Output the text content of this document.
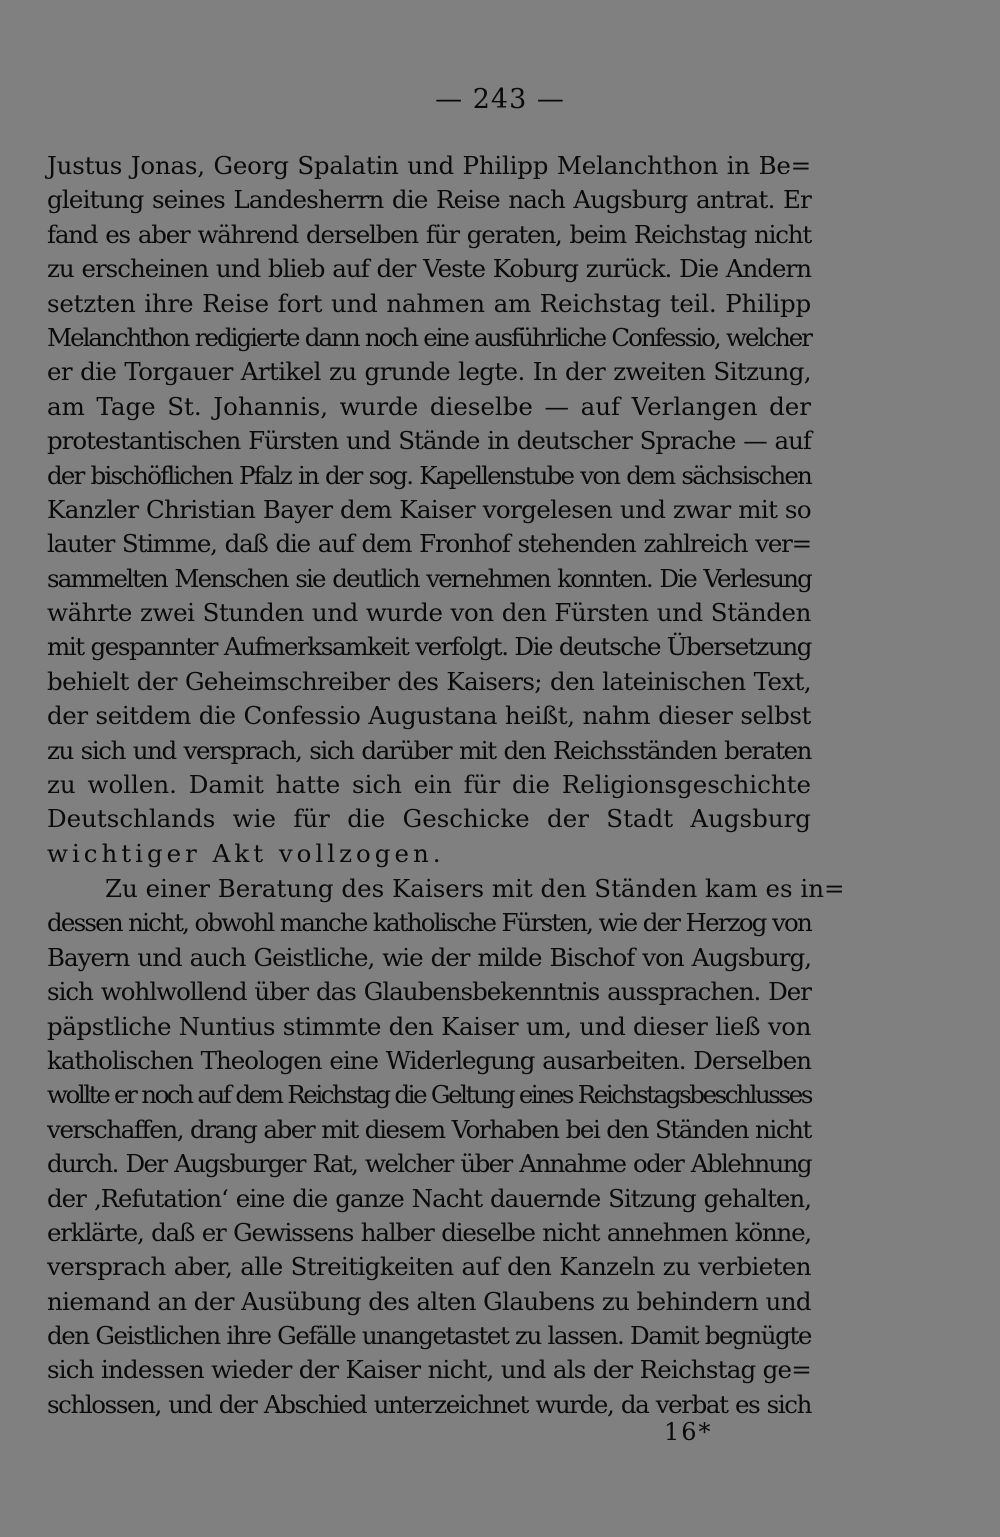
— 243 —
Justus Jonas, Georg Spalatin und Philipp Melanchthon in Be=
gleitung seines Landesherrn die Reise nach Augsburg antrat. Er
fand es aber während derselben für geraten, beim Reichstag nicht
zu erscheinen und blieb auf der Veste Koburg zurück. Die Andern
setzten ihre Reise fort und nahmen am Reichstag teil. Philipp
Melanchthon redigierte dann noch eine ausführliche Confessio, welcher
er die Torgauer Artikel zu grunde legte. In der zweiten Sitzung,
am Tage St. Johannis, wurde dieselbe — auf Verlangen der
protestantischen Fürsten und Stände in deutscher Sprache — auf
der bischöflichen Pfalz in der sog. Kapellenstube von dem sächsischen
Kanzler Christian Bayer dem Kaiser vorgelesen und zwar mit so
lauter Stimme, daß die auf dem Fronhof stehenden zahlreich ver=
sammelten Menschen sie deutlich vernehmen konnten. Die Verlesung
währte zwei Stunden und wurde von den Fürsten und Ständen
mit gespannter Aufmerksamkeit verfolgt. Die deutsche Übersetzung
behielt der Geheimschreiber des Kaisers; den lateinischen Text,
der seitdem die Confessio Augustana heißt, nahm dieser selbst
zu sich und versprach, sich darüber mit den Reichsständen beraten
zu wollen. Damit hatte sich ein für die Religionsgeschichte
Deutschlands wie für die Geschicke der Stadt Augsburg
wichtiger Akt vollzogen.
Zu einer Beratung des Kaisers mit den Ständen kam es in=
dessen nicht, obwohl manche katholische Fürsten, wie der Herzog von
Bayern und auch Geistliche, wie der milde Bischof von Augsburg,
sich wohlwollend über das Glaubensbekenntnis aussprachen. Der
päpstliche Nuntius stimmte den Kaiser um, und dieser ließ von
katholischen Theologen eine Widerlegung ausarbeiten. Derselben
wollte er noch auf dem Reichstag die Geltung eines Reichstagsbeschlusses
verschaffen, drang aber mit diesem Vorhaben bei den Ständen nicht
durch. Der Augsburger Rat, welcher über Annahme oder Ablehnung
der ‚Refutation‘ eine die ganze Nacht dauernde Sitzung gehalten,
erklärte, daß er Gewissens halber dieselbe nicht annehmen könne,
versprach aber, alle Streitigkeiten auf den Kanzeln zu verbieten
niemand an der Ausübung des alten Glaubens zu behindern und
den Geistlichen ihre Gefälle unangetastet zu lassen. Damit begnügte
sich indessen wieder der Kaiser nicht, und als der Reichstag ge=
schlossen, und der Abschied unterzeichnet wurde, da verbat es sich
16*
